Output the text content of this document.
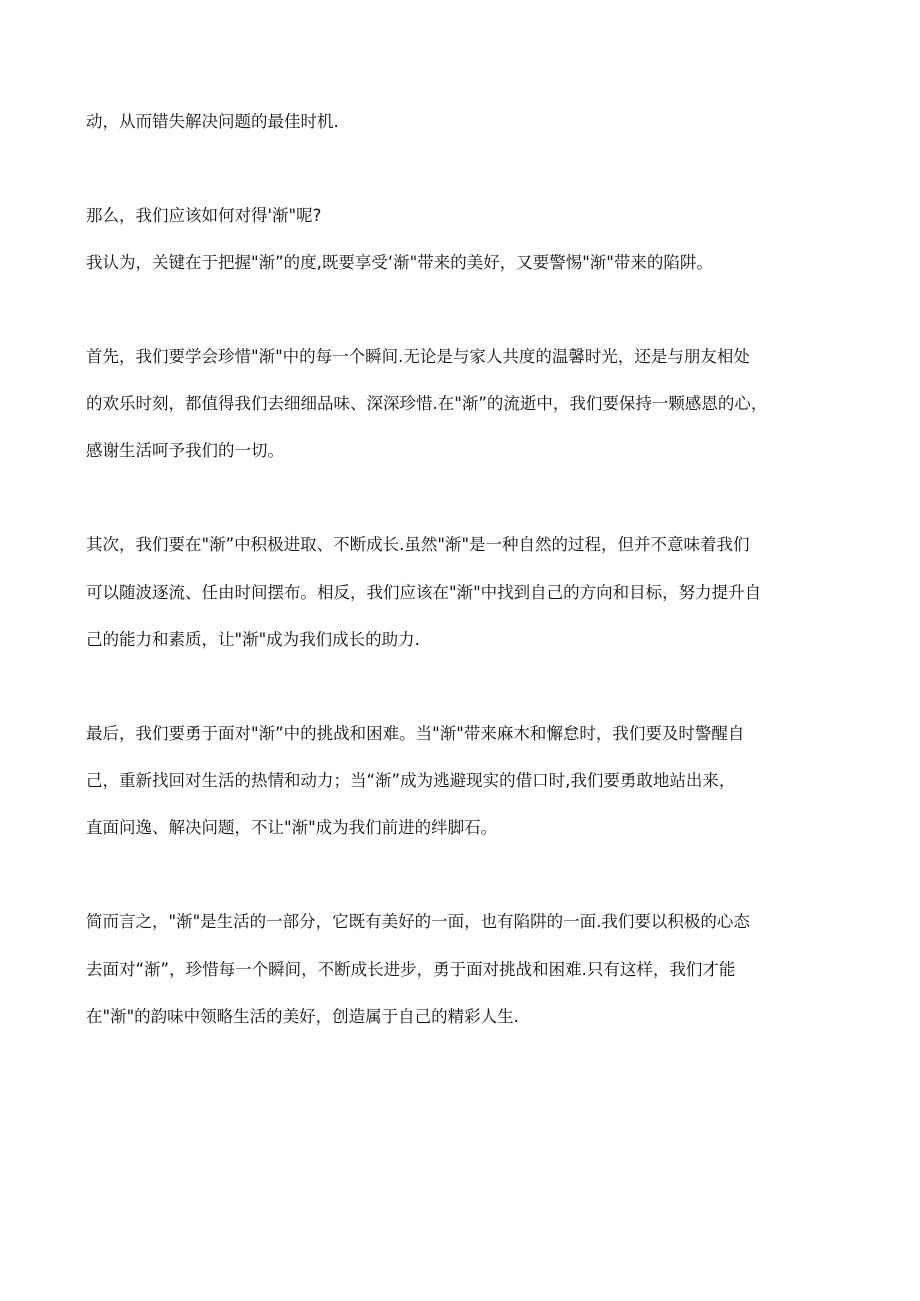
动，从而错失解决问题的最佳时机.

那么，我们应该如何对得'渐"呢?

我认为，关键在于把握"渐”的度,既要享受‘渐"带来的美好，又要警惕"渐"带来的陷阱。

首先，我们要学会珍惜"渐"中的每一个瞬间.无论是与家人共度的温馨时光，还是与朋友相处

的欢乐时刻，都值得我们去细细品味、深深珍惜.在"渐”的流逝中，我们要保持一颗感恩的心，

感谢生活呵予我们的一切。

其次，我们要在"渐”中积极进取、不断成长.虽然"渐"是一种自然的过程，但并不意味着我们

可以随波逐流、任由时间摆布。相反，我们应该在"渐"中找到自己的方向和目标，努力提升自

己的能力和素质，让"渐"成为我们成长的助力.

最后，我们要勇于面对"渐”中的挑战和困难。当"渐"带来麻木和懈怠时，我们要及时警醒自

己，重新找回对生活的热情和动力；当“渐”成为逃避现实的借口时,我们要勇敢地站出来，

直面问逸、解决问题，不让"渐"成为我们前进的绊脚石。

简而言之，"渐"是生活的一部分，它既有美好的一面，也有陷阱的一面.我们要以积极的心态

去面对“渐”，珍惜每一个瞬间，不断成长进步，勇于面对挑战和困难.只有这样，我们才能

在"渐"的韵味中领略生活的美好，创造属于自己的精彩人生.
